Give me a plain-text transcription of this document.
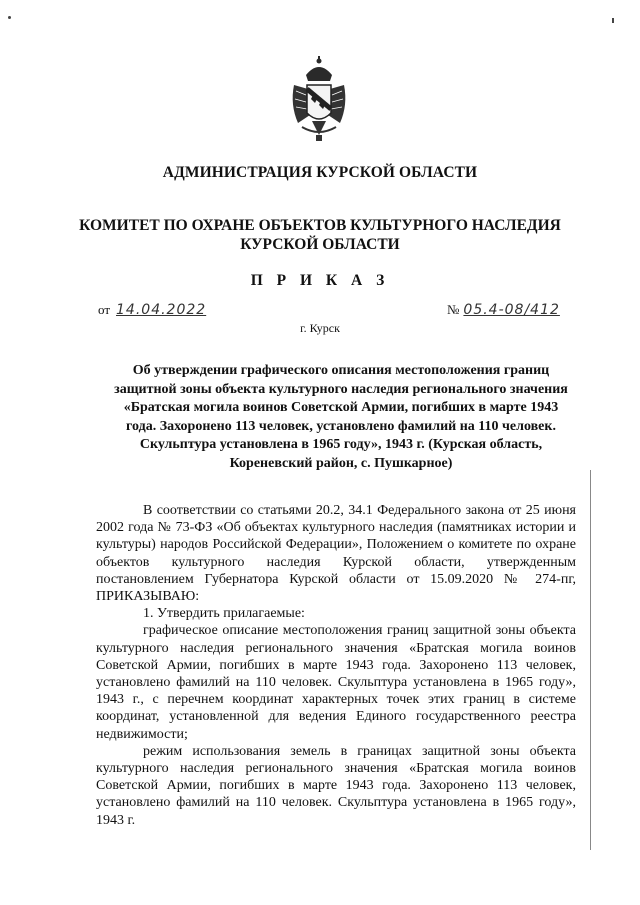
АДМИНИСТРАЦИЯ КУРСКОЙ ОБЛАСТИ
КОМИТЕТ ПО ОХРАНЕ ОБЪЕКТОВ КУЛЬТУРНОГО НАСЛЕДИЯ
КУРСКОЙ ОБЛАСТИ
П Р И К А З
от 14.04.2022	№ 05.4-08/412
г. Курск
Об утверждении графического описания местоположения границ защитной зоны объекта культурного наследия регионального значения «Братская могила воинов Советской Армии, погибших в марте 1943 года. Захоронено 113 человек, установлено фамилий на 110 человек. Скульптура установлена в 1965 году», 1943 г. (Курская область, Кореневский район, с. Пушкарное)

В соответствии со статьями 20.2, 34.1 Федерального закона от 25 июня 2002 года № 73-ФЗ «Об объектах культурного наследия (памятниках истории и культуры) народов Российской Федерации», Положением о комитете по охране объектов культурного наследия Курской области, утвержденным постановлением Губернатора Курской области от 15.09.2020 № 274-пг, ПРИКАЗЫВАЮ:

1. Утвердить прилагаемые:

графическое описание местоположения границ защитной зоны объекта культурного наследия регионального значения «Братская могила воинов Советской Армии, погибших в марте 1943 года. Захоронено 113 человек, установлено фамилий на 110 человек. Скульптура установлена в 1965 году», 1943 г., с перечнем координат характерных точек этих границ в системе координат, установленной для ведения Единого государственного реестра недвижимости;

режим использования земель в границах защитной зоны объекта культурного наследия регионального значения «Братская могила воинов Советской Армии, погибших в марте 1943 года. Захоронено 113 человек, установлено фамилий на 110 человек. Скульптура установлена в 1965 году», 1943 г.
